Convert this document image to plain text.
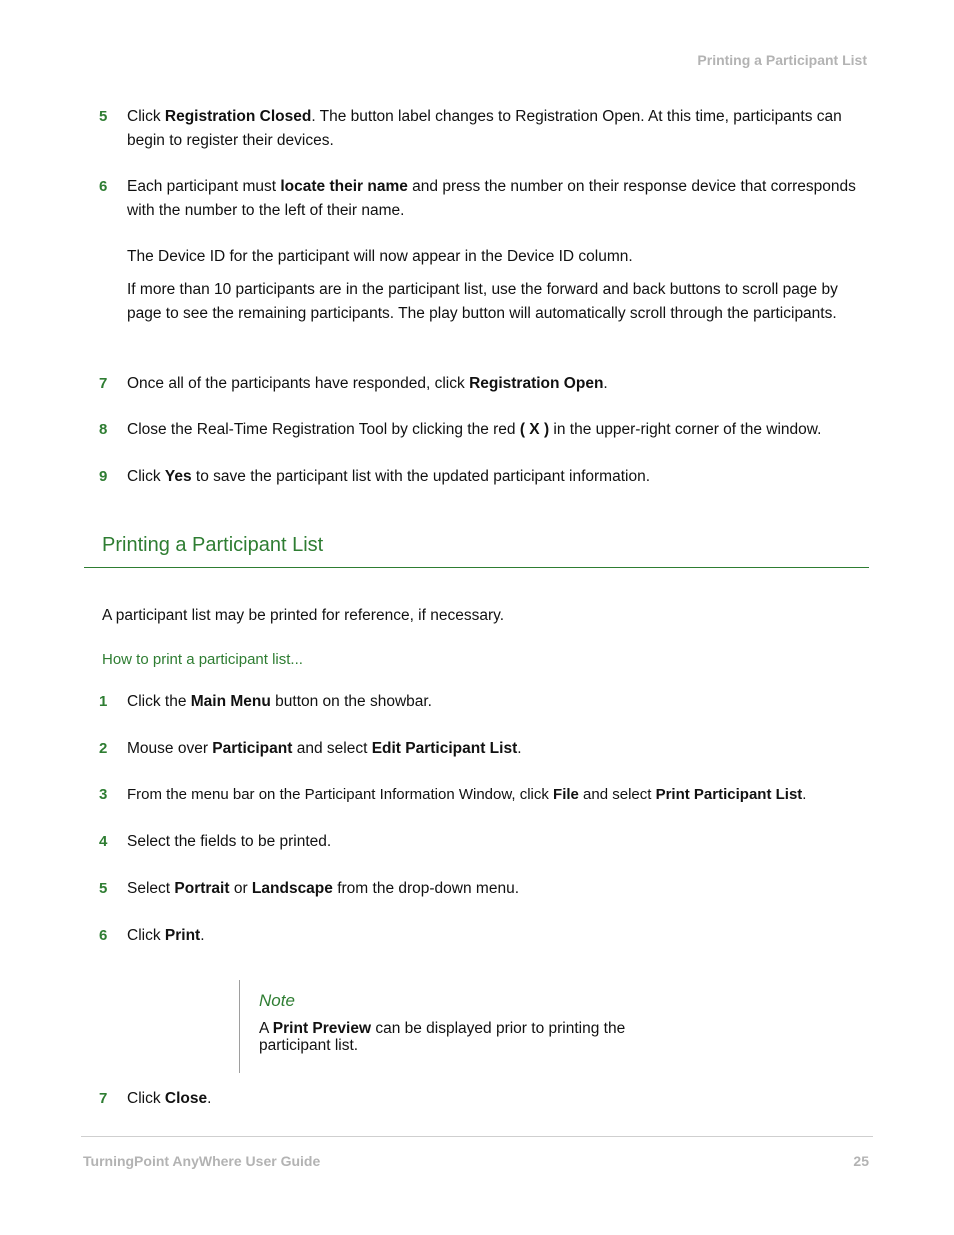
Printing a Participant List
5 Click Registration Closed. The button label changes to Registration Open. At this time, participants can begin to register their devices.
6 Each participant must locate their name and press the number on their response device that corresponds with the number to the left of their name.
The Device ID for the participant will now appear in the Device ID column.
If more than 10 participants are in the participant list, use the forward and back buttons to scroll page by page to see the remaining participants. The play button will automatically scroll through the participants.
7 Once all of the participants have responded, click Registration Open.
8 Close the Real-Time Registration Tool by clicking the red ( X ) in the upper-right corner of the window.
9 Click Yes to save the participant list with the updated participant information.
Printing a Participant List
A participant list may be printed for reference, if necessary.
How to print a participant list...
1 Click the Main Menu button on the showbar.
2 Mouse over Participant and select Edit Participant List.
3 From the menu bar on the Participant Information Window, click File and select Print Participant List.
4 Select the fields to be printed.
5 Select Portrait or Landscape from the drop-down menu.
6 Click Print.
Note
A Print Preview can be displayed prior to printing the participant list.
7 Click Close.
TurningPoint AnyWhere User Guide	25
